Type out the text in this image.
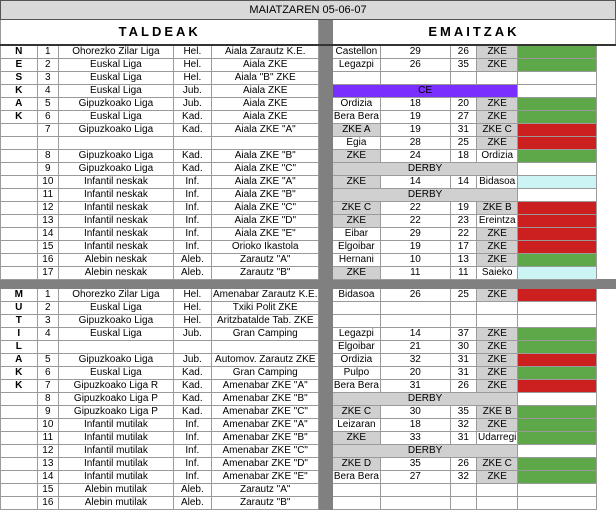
MAIATZAREN 05-06-07										
TALDEAK						EMAITZAK				
N	1	Ohorezko Zilar Liga	Hel.	Aiala Zarautz K.E.		Castellon	29	26	ZKE	
E	2	Euskal Liga	Hel.	Aiala ZKE		Legazpi	26	35	ZKE	
S	3	Euskal Liga	Hel.	Aiala "B" ZKE						
K	4	Euskal Liga	Jub.	Aiala ZKE		CE				
A	5	Gipuzkoako Liga	Jub.	Aiala ZKE		Ordizia	18	20	ZKE	
K	6	Euskal Liga	Kad.	Aiala ZKE		Bera Bera	19	27	ZKE	
	7	Gipuzkoako Liga	Kad.	Aiala ZKE "A"		ZKE A	19	31	ZKE C	
						Egia	28	25	ZKE	
	8	Gipuzkoako Liga	Kad.	Aiala ZKE "B"		ZKE	24	18	Ordizia	
	9	Gipuzkoako Liga	Kad.	Aiala ZKE "C"		DERBY				
	10	Infantil neskak	Inf.	Aiala ZKE "A"		ZKE	14	14	Bidasoa	
	11	Infantil neskak	Inf.	Aiala ZKE "B"		DERBY				
	12	Infantil neskak	Inf.	Aiala ZKE "C"		ZKE C	22	19	ZKE B	
	13	Infantil neskak	Inf.	Aiala ZKE "D"		ZKE	22	23	Ereintza	
	14	Infantil neskak	Inf.	Aiala ZKE "E"		Eibar	29	22	ZKE	
	15	Infantil neskak	Inf.	Orioko Ikastola		Elgoibar	19	17	ZKE	
	16	Alebin neskak	Aleb.	Zarautz "A"		Hernani	10	13	ZKE	
	17	Alebin neskak	Aleb.	Zarautz "B"		ZKE	11	11	Saieko	

M	1	Ohorezko Zilar Liga	Hel.	Amenabar Zarautz K.E.		Bidasoa	26	25	ZKE	
U	2	Euskal Liga	Hel.	Txiki Polit ZKE						
T	3	Gipuzkoako Liga	Hel.	Aritzbatalde Tab. ZKE						
I	4	Euskal Liga	Jub.	Gran Camping		Legazpi	14	37	ZKE	
L						Elgoibar	21	30	ZKE	
A	5	Gipuzkoako Liga	Jub.	Automov. Zarautz ZKE		Ordizia	32	31	ZKE	
K	6	Euskal Liga	Kad.	Gran Camping		Pulpo	20	31	ZKE	
K	7	Gipuzkoako Liga R	Kad.	Amenabar ZKE "A"		Bera Bera	31	26	ZKE	
	8	Gipuzkoako Liga P	Kad.	Amenabar ZKE "B"		DERBY				
	9	Gipuzkoako Liga P	Kad.	Amenabar ZKE "C"		ZKE C	30	35	ZKE B	
	10	Infantil mutilak	Inf.	Amenabar ZKE "A"		Leizaran	18	32	ZKE	
	11	Infantil mutilak	Inf.	Amenabar ZKE "B"		ZKE	33	31	Udarregi	
	12	Infantil mutilak	Inf.	Amenabar ZKE "C"		DERBY				
	13	Infantil mutilak	Inf.	Amenabar ZKE "D"		ZKE D	35	26	ZKE C	
	14	Infantil mutilak	Inf.	Amenabar ZKE "E"		Bera Bera	27	32	ZKE	
	15	Alebin mutilak	Aleb.	Zarautz "A"						
	16	Alebin mutilak	Aleb.	Zarautz "B"						
